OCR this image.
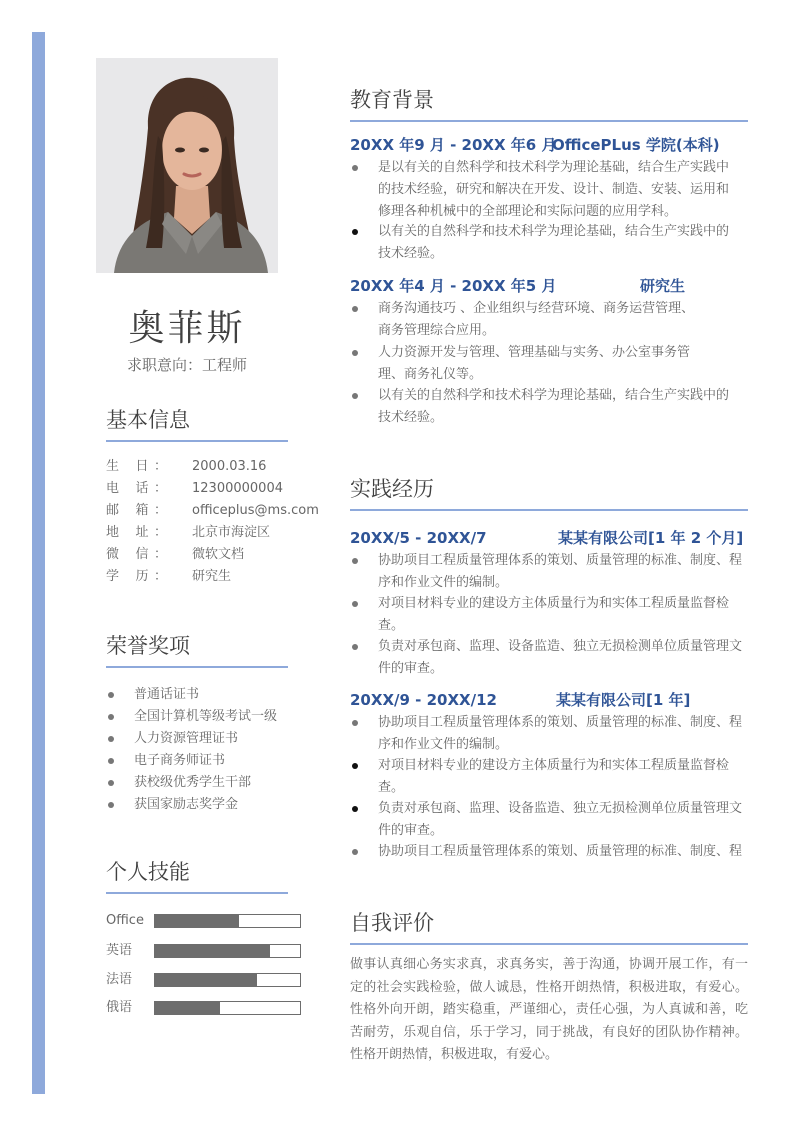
奥菲斯
求职意向：工程师
基本信息
生    日 ： 2000.03.16
电    话 ： 12300000004
邮    箱 ： officeplus@ms.com
地    址 ： 北京市海淀区
微    信 ： 微软文档
学    历 ： 研究生
荣誉奖项
普通话证书
全国计算机等级考试一级
人力资源管理证书
电子商务师证书
获校级优秀学生干部
获国家励志奖学金
个人技能
Office
英语
法语
俄语
教育背景
20XX 年9 月 - 20XX 年6 月
OfficePLus 学院(本科)
是以有关的自然科学和技术科学为理论基础，结合生产实践中
的技术经验，研究和解决在开发、设计、制造、安装、运用和
修理各种机械中的全部理论和实际问题的应用学科。
以有关的自然科学和技术科学为理论基础，结合生产实践中的
技术经验。
20XX 年4 月 - 20XX 年5 月	研究生
商务沟通技巧 、企业组织与经营环境、商务运营管理、
商务管理综合应用。
人力资源开发与管理、管理基础与实务、办公室事务管
理、商务礼仪等。
以有关的自然科学和技术科学为理论基础，结合生产实践中的
技术经验。
实践经历
20XX/5 - 20XX/7	某某有限公司[1 年 2 个月]
协助项目工程质量管理体系的策划、质量管理的标准、制度、程
序和作业文件的编制。
对项目材料专业的建设方主体质量行为和实体工程质量监督检
查。
负责对承包商、监理、设备监造、独立无损检测单位质量管理文
件的审查。
20XX/9 - 20XX/12	某某有限公司[1 年]
协助项目工程质量管理体系的策划、质量管理的标准、制度、程
序和作业文件的编制。
对项目材料专业的建设方主体质量行为和实体工程质量监督检
查。
负责对承包商、监理、设备监造、独立无损检测单位质量管理文
件的审查。
协助项目工程质量管理体系的策划、质量管理的标准、制度、程
自我评价
做事认真细心务实求真，求真务实，善于沟通，协调开展工作，有一定的社会实践检验，做人诚恳，性格开朗热情，积极进取，有爱心。性格外向开朗，踏实稳重，严谨细心，责任心强，为人真诚和善，吃苦耐劳，乐观自信，乐于学习，同于挑战，有良好的团队协作精神。性格开朗热情，积极进取，有爱心。
